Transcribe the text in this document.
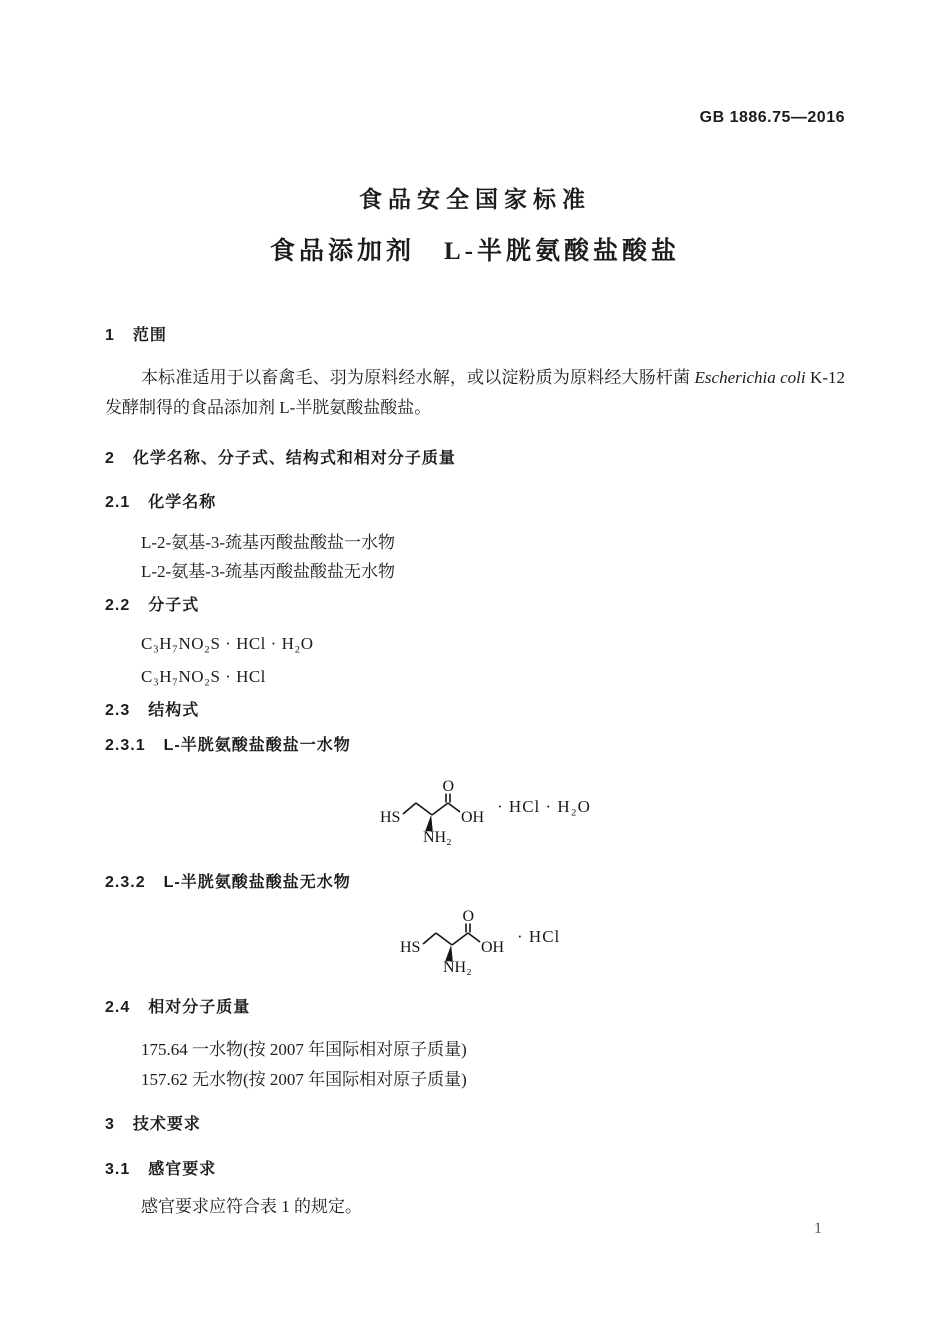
GB 1886.75—2016
食品安全国家标准
食品添加剂　L-半胱氨酸盐酸盐
1 范围

本标准适用于以畜禽毛、羽为原料经水解，或以淀粉质为原料经大肠杆菌 Escherichia coli K-12 发酵制得的食品添加剂 L-半胱氨酸盐酸盐。

2 化学名称、分子式、结构式和相对分子质量
2.1 化学名称
L-2-氨基-3-巯基丙酸盐酸盐一水物
L-2-氨基-3-巯基丙酸盐酸盐无水物
2.2 分子式
C₃H₇NO₂S · HCl · H₂O
C₃H₇NO₂S · HCl
2.3 结构式
2.3.1 L-半胱氨酸盐酸盐一水物
HS
NH₂
O
OH
· HCl · H₂O
2.3.2 L-半胱氨酸盐酸盐无水物
HS
NH₂
O
OH
· HCl
2.4 相对分子质量
175.64 一水物(按 2007 年国际相对原子质量)
157.62 无水物(按 2007 年国际相对原子质量)
3 技术要求
3.1 感官要求

感官要求应符合表 1 的规定。

1
